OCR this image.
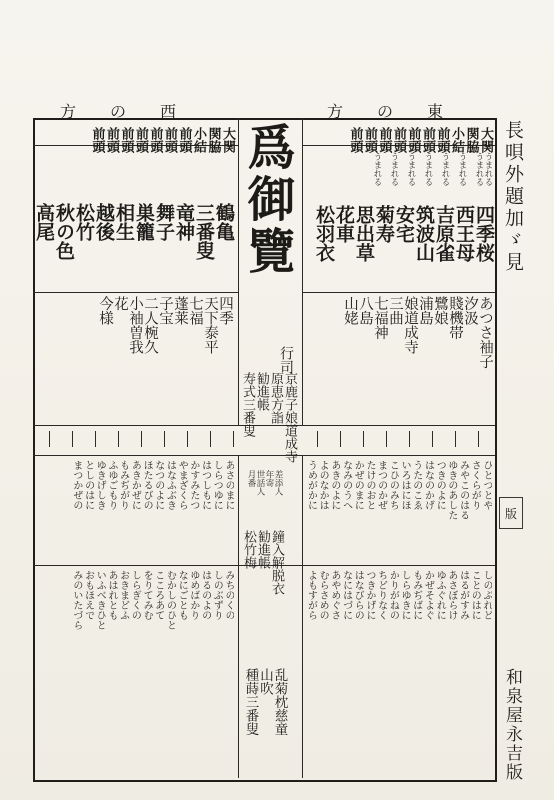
長唄外題加ゞ見
和泉屋永吉版
版
方の西	方の東
爲御覽	大関
関脇
小結
前頭
前頭
前頭
前頭
前頭
前頭
前頭
うまれる
うまれる
うまれる
うまれる
うまれる
うまれる
うまれる
うまれる
四季桜
西王母
吉原雀
筑波山
安宅
菊寿
思出草
花車
松羽衣
あつさ袖子
汐汲
賤機帯
鷺娘
浦島
娘道成寺
三曲
七福神
八島
山姥
大関
関脇
小結
前頭
前頭
前頭
前頭
前頭
前頭
前頭
鶴亀
三番叟
竜神
舞子
巣籠
相生
越後
松竹
秋の色
高尾
四季
天下泰平
七福
蓬莱
子宝
二人椀久
小袖曽我
花
今様
行司
京鹿子娘道成寺
原恵方詣
勧進帳
寿式三番叟
差添人
年寄
世話人
月番
鐘入解脱衣
勧進帳
松竹梅
乱菊枕慈童
山吹
種蒔三番叟
ひとつとや
さくらがり
みやこのはる
ゆきのあした
つきのよに
はなのかげ
うたのこゑ
いろはにほ
こひのみち
まつのかぜ
たけのおと
かぜのまに
なみのうへ
あきのよに
よのなかは
うめがかに
しのぶれど
ことのはに
はるがすみ
あさぼらけ
ゆふぐれに
かぜそよぐ
もみぢばに
しらゆきに
かりがねの
ちどりなく
つきかげに
はなびらの
なにはづに
あやめぐさ
むらさめの
よもすがら
あさのまに
しらつゆに
はつしもに
かすみたつ
やまざくら
はなふぶき
なつのよに
ほたるびの
あきかぜに
もみぢがり
ふゆごもり
ゆきげしき
としのはに
まつかぜの
みちのくの
しのぶずり
はるのよの
ゆめばかり
なにごとも
むかしのひと
こころあて
をりてみむ
しらぎくの
おきまどふ
あはれとも
いふべきひと
おもほえで
みのいたづら
